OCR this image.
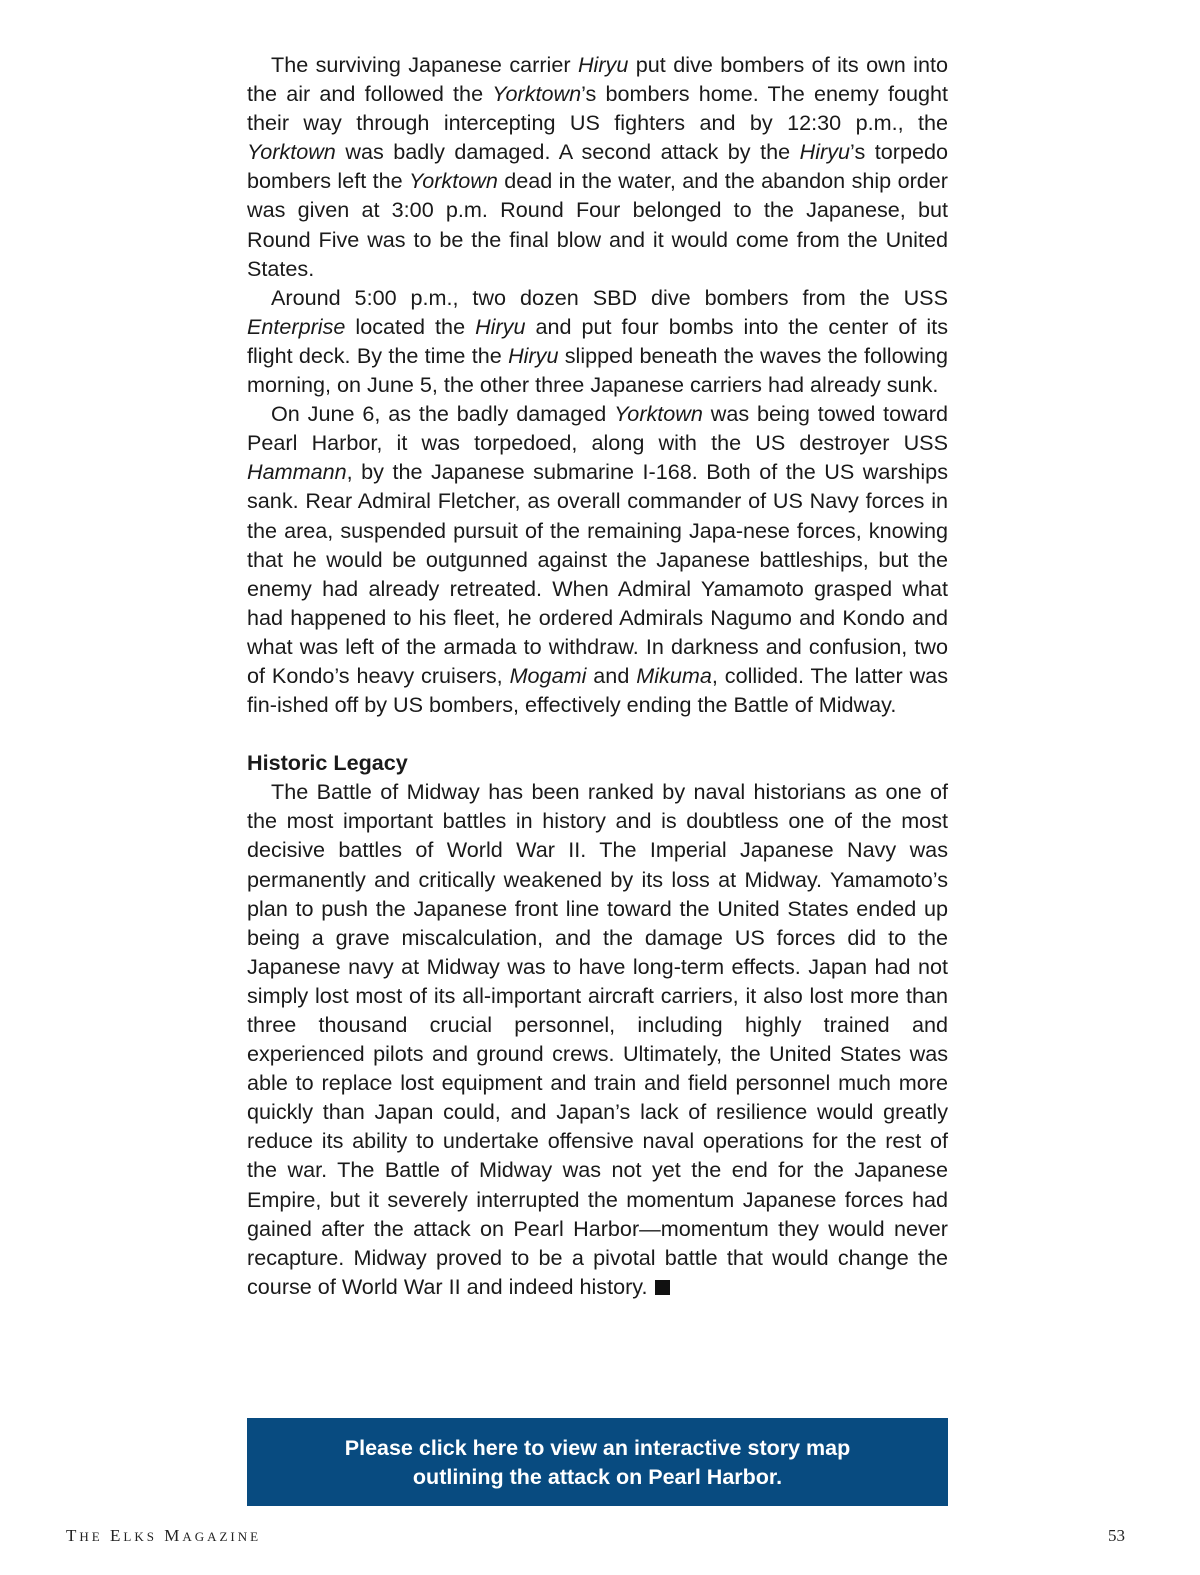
The surviving Japanese carrier Hiryu put dive bombers of its own into the air and followed the Yorktown’s bombers home. The enemy fought their way through intercepting US fighters and by 12:30 p.m., the Yorktown was badly damaged. A second attack by the Hiryu’s torpedo bombers left the Yorktown dead in the water, and the abandon ship order was given at 3:00 p.m. Round Four belonged to the Japanese, but Round Five was to be the final blow and it would come from the United States.

Around 5:00 p.m., two dozen SBD dive bombers from the USS Enterprise located the Hiryu and put four bombs into the center of its flight deck. By the time the Hiryu slipped beneath the waves the following morning, on June 5, the other three Japanese carriers had already sunk.

On June 6, as the badly damaged Yorktown was being towed toward Pearl Harbor, it was torpedoed, along with the US destroyer USS Hammann, by the Japanese submarine I-168. Both of the US warships sank. Rear Admiral Fletcher, as overall commander of US Navy forces in the area, suspended pursuit of the remaining Japa-nese forces, knowing that he would be outgunned against the Japanese battleships, but the enemy had already retreated. When Admiral Yamamoto grasped what had happened to his fleet, he ordered Admirals Nagumo and Kondo and what was left of the armada to withdraw. In darkness and confusion, two of Kondo’s heavy cruisers, Mogami and Mikuma, collided. The latter was fin-ished off by US bombers, effectively ending the Battle of Midway.

Historic Legacy

The Battle of Midway has been ranked by naval historians as one of the most important battles in history and is doubtless one of the most decisive battles of World War II. The Imperial Japanese Navy was permanently and critically weakened by its loss at Midway. Yamamoto’s plan to push the Japanese front line toward the United States ended up being a grave miscalculation, and the damage US forces did to the Japanese navy at Midway was to have long-term effects. Japan had not simply lost most of its all-important aircraft carriers, it also lost more than three thousand crucial personnel, including highly trained and experienced pilots and ground crews. Ultimately, the United States was able to replace lost equipment and train and field personnel much more quickly than Japan could, and Japan’s lack of resilience would greatly reduce its ability to undertake offensive naval operations for the rest of the war. The Battle of Midway was not yet the end for the Japanese Empire, but it severely interrupted the momentum Japanese forces had gained after the attack on Pearl Harbor—momentum they would never recapture. Midway proved to be a pivotal battle that would change the course of World War II and indeed history.

Please click here to view an interactive story map
outlining the attack on Pearl Harbor.
THE ELKS MAGAZINE	53
